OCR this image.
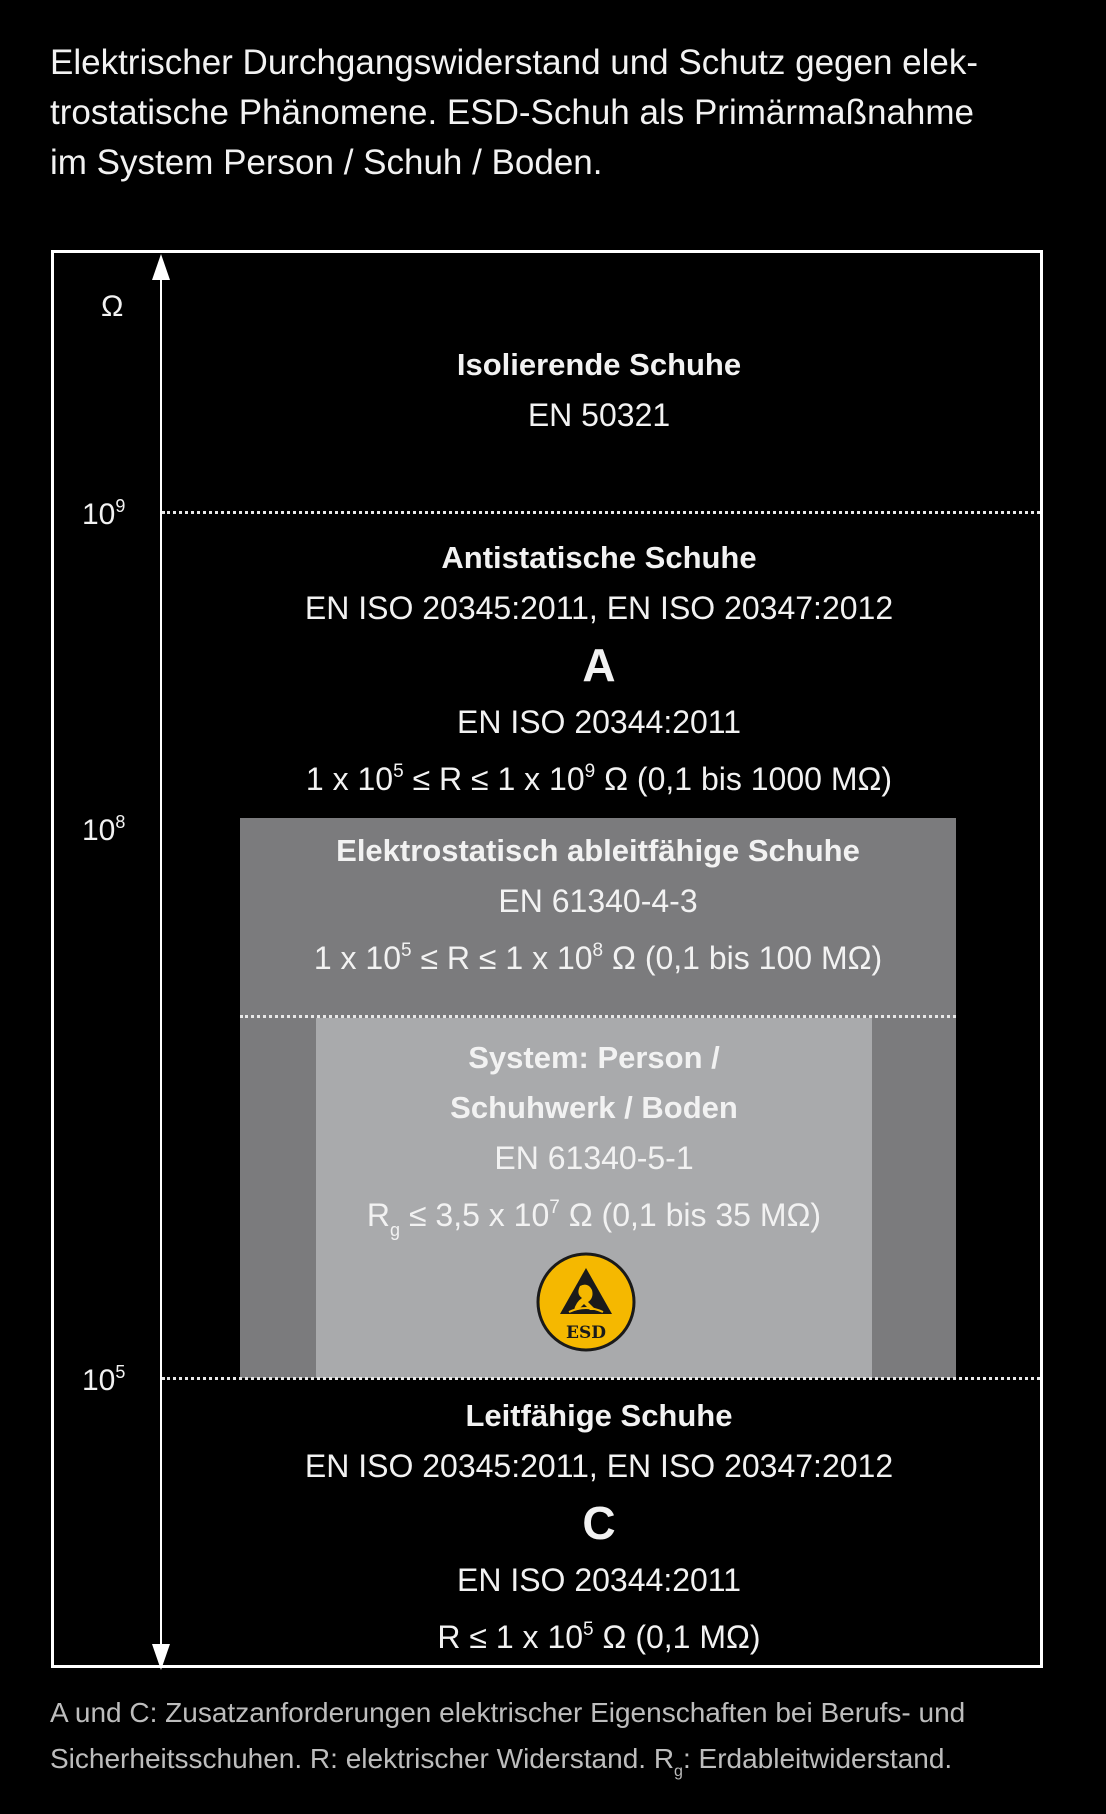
Elektrischer Durchgangswiderstand und Schutz gegen elek-
trostatische Phänomene. ESD-Schuh als Primärmaßnahme
im System Person / Schuh / Boden.
Ω
$10^9$
$10^8$
$10^5$
Isolierende Schuhe
EN 50321
Antistatische Schuhe
EN ISO 20345:2011, EN ISO 20347:2012
A
EN ISO 20344:2011
1 x $10^5 \le R \le 1$ x $10^9$ Ω (0,1 bis 1000 MΩ)
Elektrostatisch ableitfähige Schuhe
EN 61340-4-3
1 x $10^5 \le R \le 1$ x $10^8$ Ω (0,1 bis 100 MΩ)
System: Person /
Schuhwerk / Boden
EN 61340-5-1
$R_g \le 3,5$ x $10^7$ Ω (0,1 bis 35 MΩ)
ESD
Leitfähige Schuhe
EN ISO 20345:2011, EN ISO 20347:2012
C
EN ISO 20344:2011
R ≤ 1 x $10^5$ Ω (0,1 MΩ)
A und C: Zusatzanforderungen elektrischer Eigenschaften bei Berufs- und
Sicherheitsschuhen. R: elektrischer Widerstand. $R_g$: Erdableitwiderstand.
